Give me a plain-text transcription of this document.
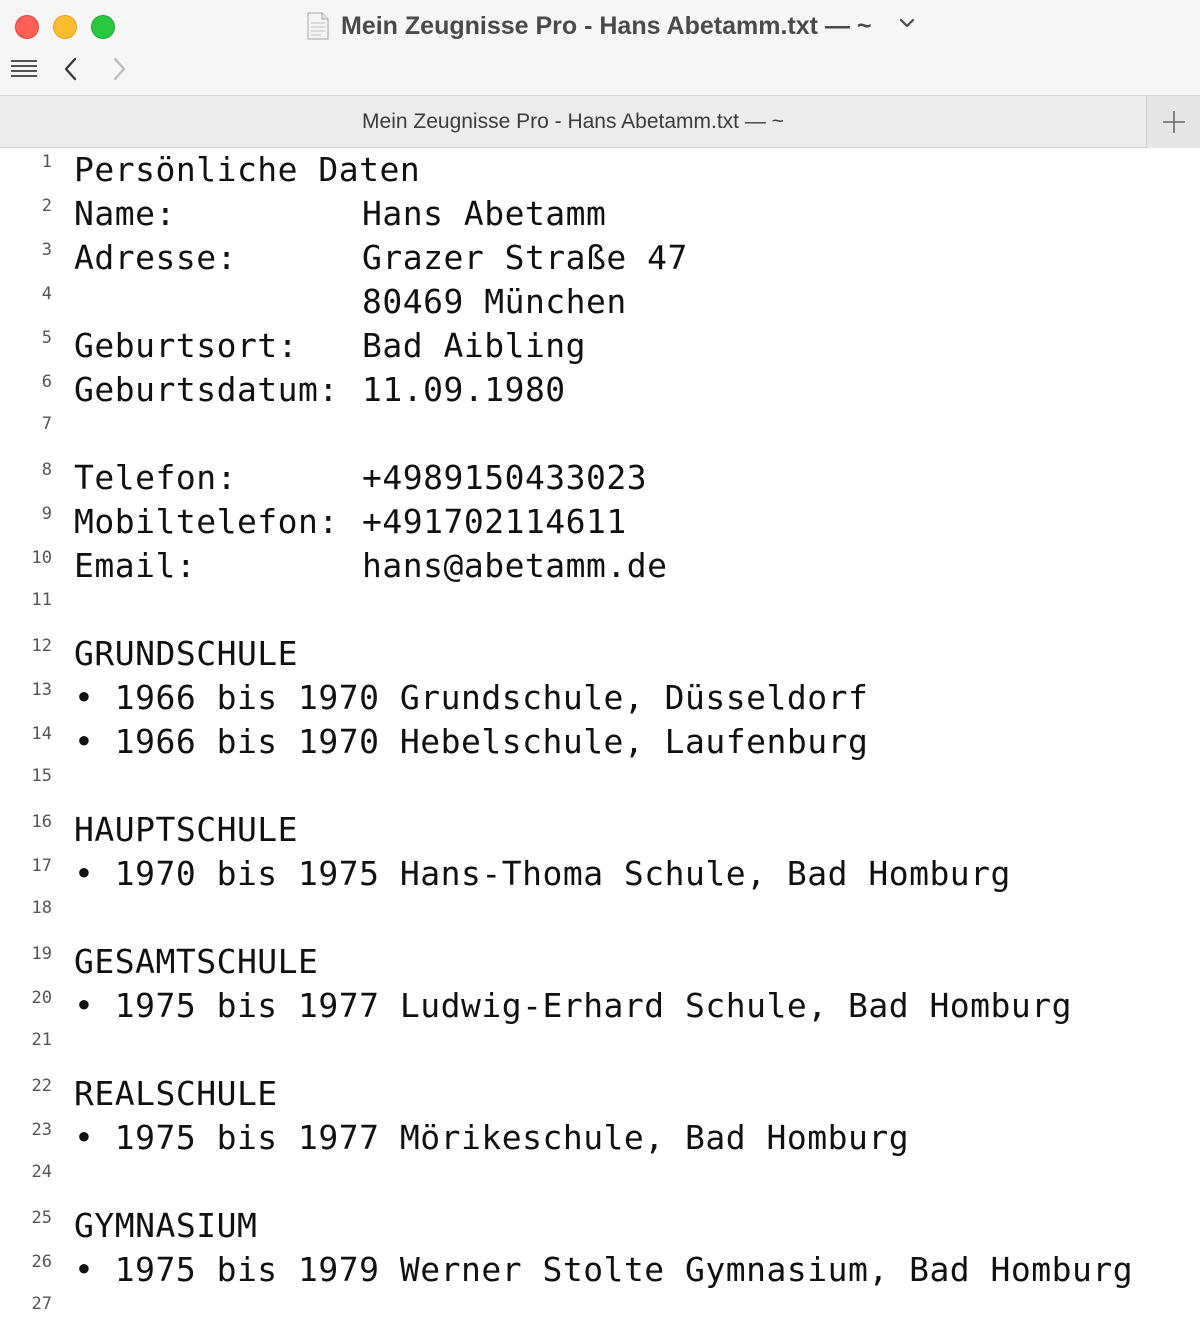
Mein Zeugnisse Pro - Hans Abetamm.txt — ~
Mein Zeugnisse Pro - Hans Abetamm.txt — ~
1 Persönliche Daten
2 Name:	Hans Abetamm
3 Adresse:	Grazer Straße 47
4	80469 München
5 Geburtsort: Bad Aibling
6 Geburtsdatum: 11.09.1980
7
8 Telefon:	+4989150433023
9 Mobiltelefon: +491702114611
10 Email:	hans@abetamm.de
11
12 GRUNDSCHULE
13 • 1966 bis 1970 Grundschule, Düsseldorf
14 • 1966 bis 1970 Hebelschule, Laufenburg
15
16 HAUPTSCHULE
17 • 1970 bis 1975 Hans-Thoma Schule, Bad Homburg
18
19 GESAMTSCHULE
20 • 1975 bis 1977 Ludwig-Erhard Schule, Bad Homburg
21
22 REALSCHULE
23 • 1975 bis 1977 Mörikeschule, Bad Homburg
24
25 GYMNASIUM
26 • 1975 bis 1979 Werner Stolte Gymnasium, Bad Homburg
27
